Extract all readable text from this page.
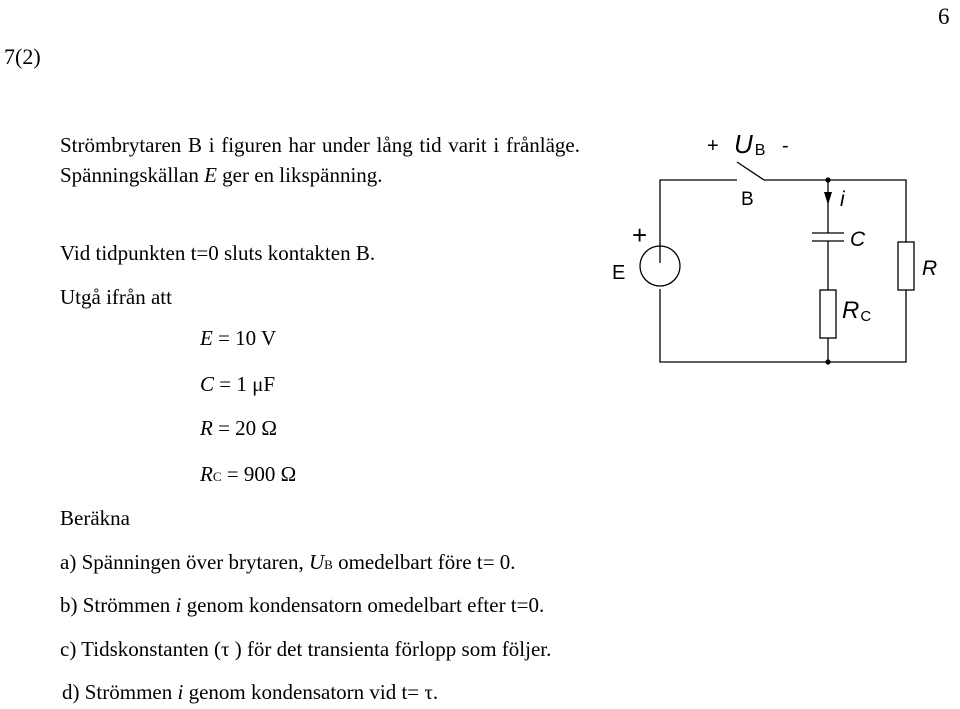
6
7(2)
Strömbrytaren B i figuren har under lång tid varit i frånläge. Spänningskällan E ger en likspänning.
Vid tidpunkten t=0 sluts kontakten B.
Utgå ifrån att
E = 10 V
C = 1 μF
R = 20 Ω
RC = 900 Ω
Beräkna
a) Spänningen över brytaren, UB omedelbart före t= 0.
b) Strömmen i genom kondensatorn omedelbart efter t=0.
c) Tidskonstanten (τ ) för det transienta förlopp som följer.
d) Strömmen i genom kondensatorn vid t= τ.
+ U B -
B	i
+
E
C
R
RC
